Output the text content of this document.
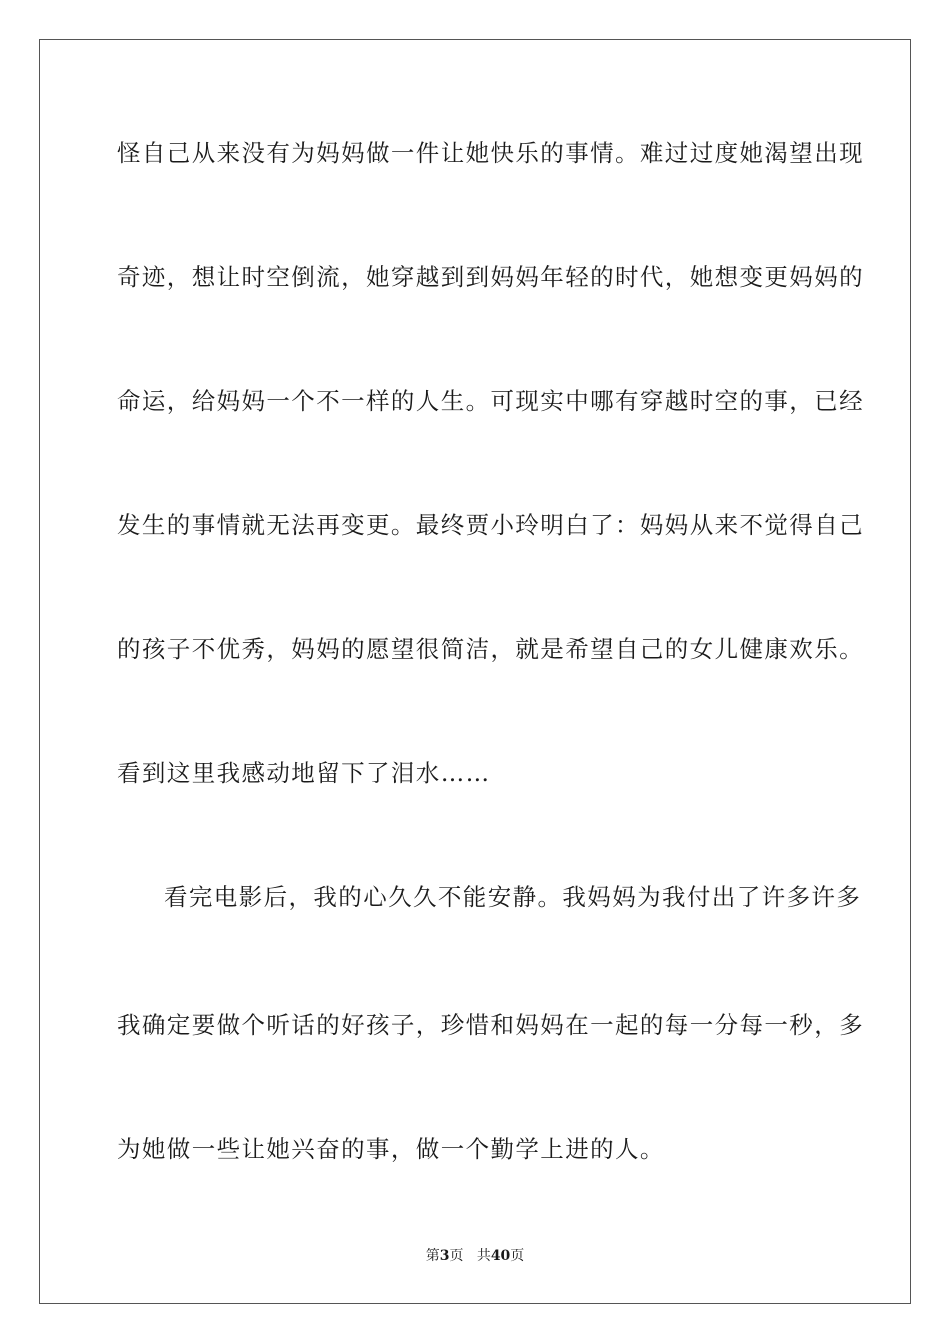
怪自己从来没有为妈妈做一件让她快乐的事情。难过过度她渴望出现
奇迹，想让时空倒流，她穿越到到妈妈年轻的时代，她想变更妈妈的
命运，给妈妈一个不一样的人生。可现实中哪有穿越时空的事，已经
发生的事情就无法再变更。最终贾小玲明白了：妈妈从来不觉得自己
的孩子不优秀，妈妈的愿望很简洁，就是希望自己的女儿健康欢乐。
看到这里我感动地留下了泪水……
看完电影后，我的心久久不能安静。我妈妈为我付出了许多许多
我确定要做个听话的好孩子，珍惜和妈妈在一起的每一分每一秒，多
为她做一些让她兴奋的事，做一个勤学上进的人。
第3页 共40页
